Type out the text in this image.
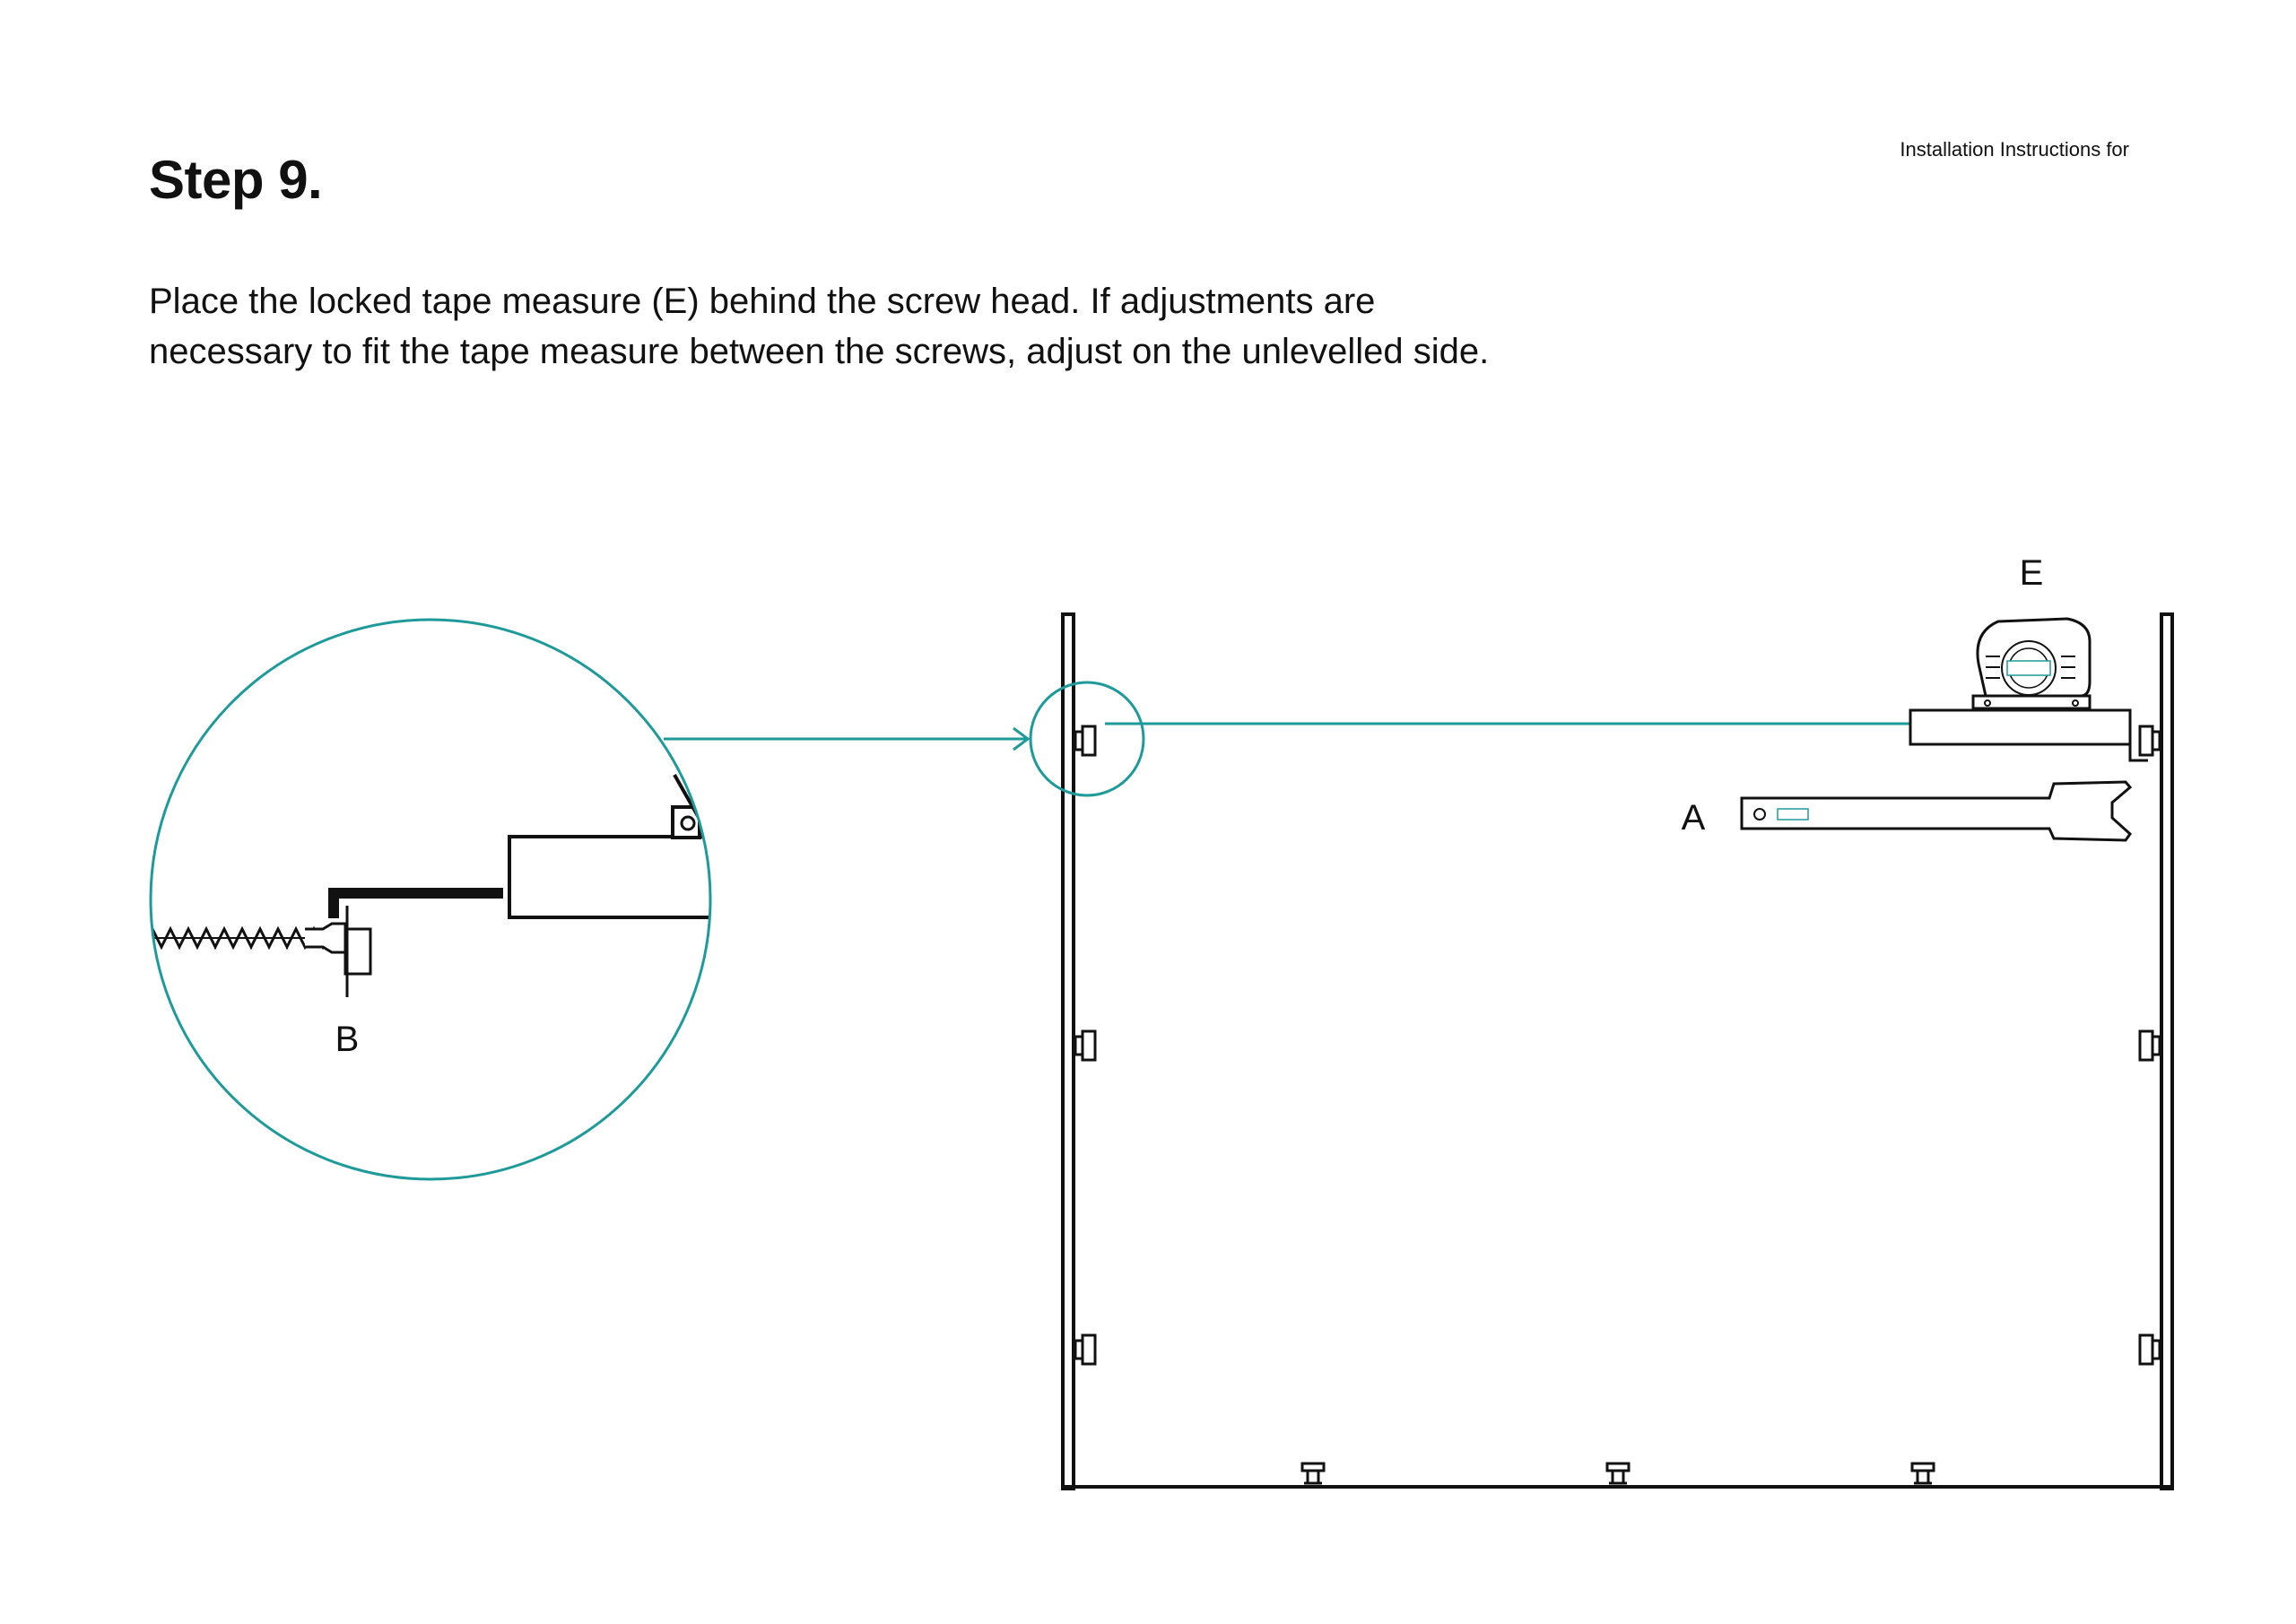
Installation Instructions for
Step 9.
Place the locked tape measure (E) behind the screw head. If adjustments are necessary to fit the tape measure between the screws, adjust on the unlevelled side.
B
E
A
